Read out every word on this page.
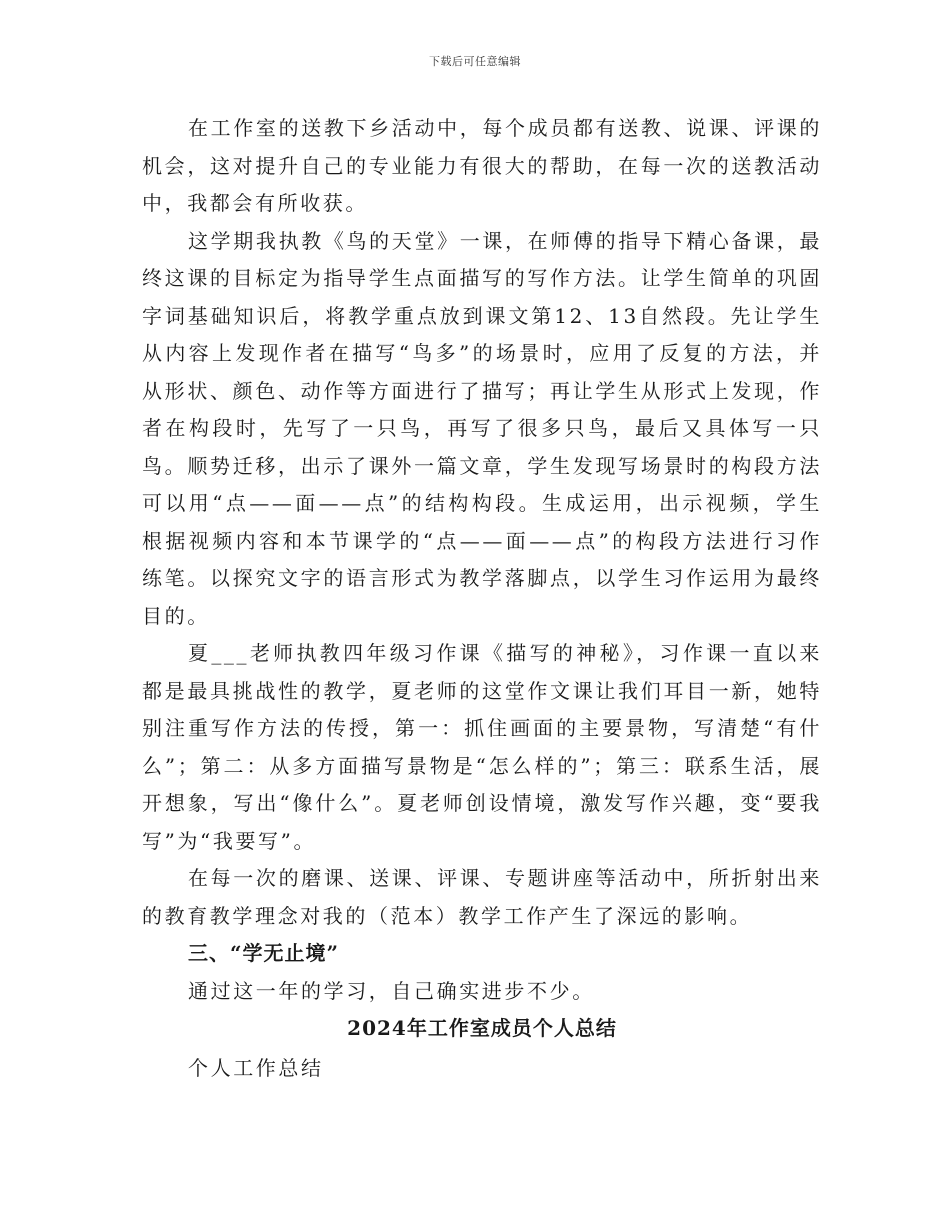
下载后可任意编辑

在工作室的送教下乡活动中，每个成员都有送教、说课、评课的机会，这对提升自己的专业能力有很大的帮助，在每一次的送教活动中，我都会有所收获。

这学期我执教《鸟的天堂》一课，在师傅的指导下精心备课，最终这课的目标定为指导学生点面描写的写作方法。让学生简单的巩固字词基础知识后，将教学重点放到课文第12、13自然段。先让学生从内容上发现作者在描写“鸟多”的场景时，应用了反复的方法，并从形状、颜色、动作等方面进行了描写；再让学生从形式上发现，作者在构段时，先写了一只鸟，再写了很多只鸟，最后又具体写一只鸟。顺势迁移，出示了课外一篇文章，学生发现写场景时的构段方法可以用“点——面——点”的结构构段。生成运用，出示视频，学生根据视频内容和本节课学的“点——面——点”的构段方法进行习作练笔。以探究文字的语言形式为教学落脚点，以学生习作运用为最终目的。

夏___老师执教四年级习作课《描写的神秘》，习作课一直以来都是最具挑战性的教学，夏老师的这堂作文课让我们耳目一新，她特别注重写作方法的传授，第一：抓住画面的主要景物，写清楚“有什么”；第二：从多方面描写景物是“怎么样的”；第三：联系生活，展开想象，写出“像什么”。夏老师创设情境，激发写作兴趣，变“要我写”为“我要写”。

在每一次的磨课、送课、评课、专题讲座等活动中，所折射出来的教育教学理念对我的（范本）教学工作产生了深远的影响。

三、“学无止境”

通过这一年的学习，自己确实进步不少。

2024年工作室成员个人总结

个人工作总结
